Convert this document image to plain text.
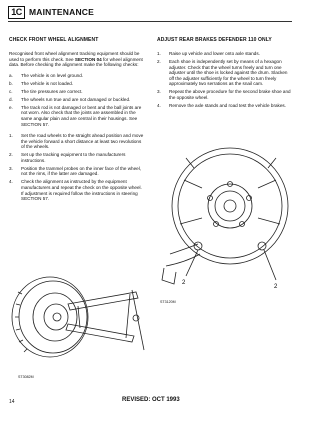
1C MAINTENANCE
CHECK FRONT WHEEL ALIGNMENT

Recognised front wheel alignment tracking equipment should be used to perform this check. See SECTION 04 for wheel alignment data. Before checking the alignment make the following checks:

a.	The vehicle is on level ground.
b.	The vehicle is not loaded.
c.	The tire pressures are correct.
d.	The wheels run true and are not damaged or buckled.
e.	The track rod is not damaged or bent and the ball joints are not worn. Also check that the joints are assembled in the same angular plain and are central in their housings. See SECTION 57.
1.	Set the road wheels to the straight ahead position and move the vehicle forward a short distance at least two revolutions of the wheels.
2.	Set up the tracking equipment to the manufacturers instructions.
3.	Position the trammel probes on the inner face of the wheel, not the rims, if the latter are damaged.
4.	Check the alignment as instructed by the equipment manufacturers and repeat the check on the opposite wheel. If adjustment is required follow the instructions in steering SECTION 57.
ST3082M
ADJUST REAR BRAKES DEFENDER 110 ONLY
1.	Raise up vehicle and lower onto axle stands.
2.	Each shoe is independently set by means of a hexagon adjuster. Check that the wheel turns freely and turn one adjuster until the shoe is locked against the drum. Slacken off the adjuster sufficiently for the wheel to turn freely approximately two serrations as the snail cam.
3.	Repeat the above procedure for the second brake shoe and the opposite wheel.
4.	Remove the axle stands and road test the vehicle brakes.
2
2
ST3120M
14	REVISED: OCT 1993
